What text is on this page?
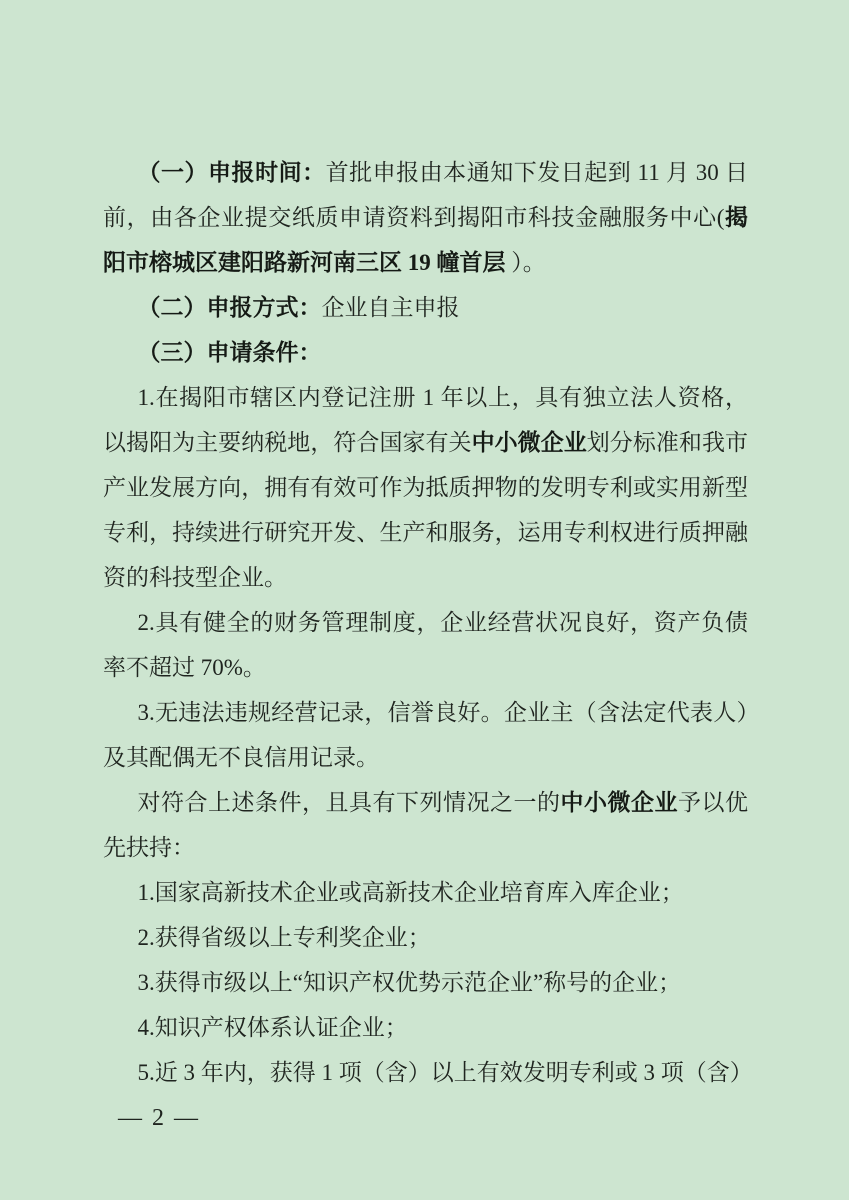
（一）申报时间：首批申报由本通知下发日起到 11 月 30 日前，由各企业提交纸质申请资料到揭阳市科技金融服务中心(揭阳市榕城区建阳路新河南三区 19 幢首层 ）。

（二）申报方式：企业自主申报

（三）申请条件：

1.在揭阳市辖区内登记注册 1 年以上，具有独立法人资格，以揭阳为主要纳税地，符合国家有关中小微企业划分标准和我市产业发展方向，拥有有效可作为抵质押物的发明专利或实用新型专利，持续进行研究开发、生产和服务，运用专利权进行质押融资的科技型企业。

2.具有健全的财务管理制度，企业经营状况良好，资产负债率不超过 70%。

3.无违法违规经营记录，信誉良好。企业主（含法定代表人）及其配偶无不良信用记录。

对符合上述条件，且具有下列情况之一的中小微企业予以优先扶持：

1.国家高新技术企业或高新技术企业培育库入库企业；

2.获得省级以上专利奖企业；

3.获得市级以上“知识产权优势示范企业”称号的企业；

4.知识产权体系认证企业；

5.近 3 年内，获得 1 项（含）以上有效发明专利或 3 项（含）

— 2 —
